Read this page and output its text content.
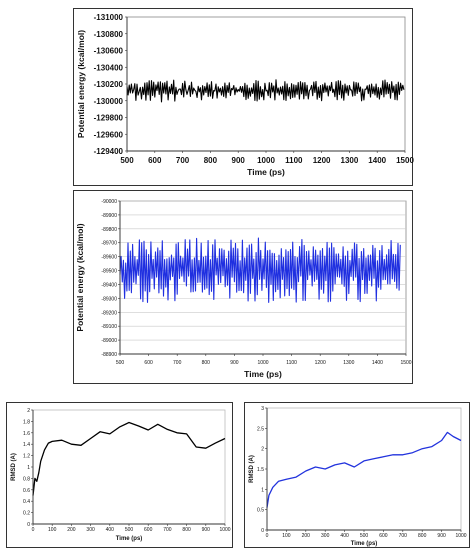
500 600 700 800 900 1000 1100 1200 1300 1400 1500
-131000
-130800
-130600
-130400
-130200
-130000
-129800
-129600
-129400
Time (ps)
Potential energy (kcal/mol)
500	600	700	800	900	1000	1100	1200	1300	1400	1500
-90000
-89900
-89800
-89700
-89600
-89500
-89400
-89300
-89200
-89100
-89000
-88900
Time (ps)
Potential energy (kcal/mol)
0	100 200 300 400 500 600 700 800 900 1000
0
0.2
0.4
0.6
0.8
1
1.2
1.4
1.6
1.8
2
Time (ps)
RMSD (A)
0	100 200 300 400 500 600 700 800 900 1000
0
0.5
1
1.5
2
2.5
3
Time (ps)
RMSD (A)
